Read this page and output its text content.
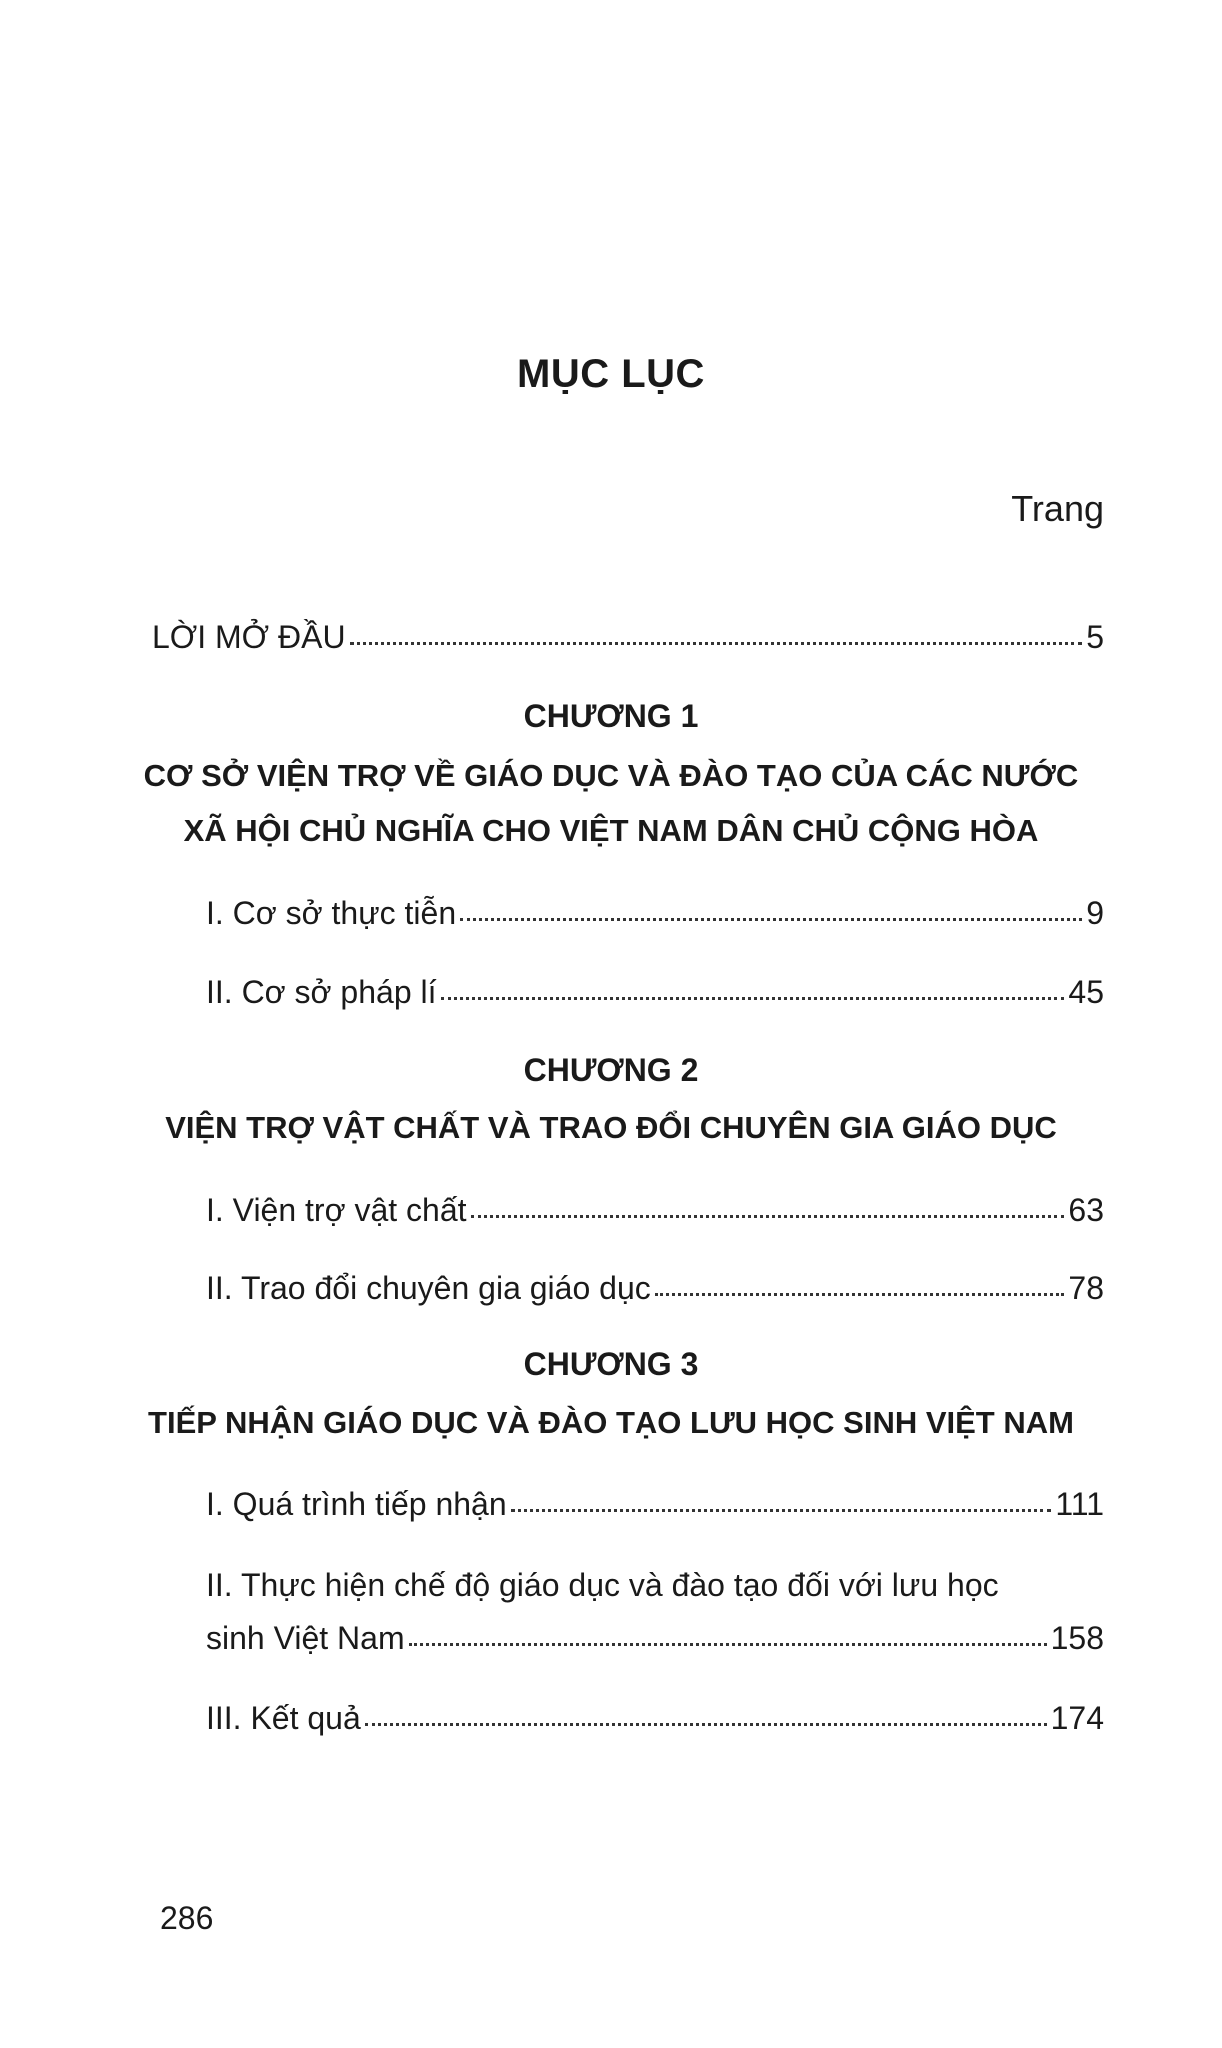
MỤC LỤC
Trang
LỜI MỞ ĐẦU	5
CHƯƠNG 1
CƠ SỞ VIỆN TRỢ VỀ GIÁO DỤC VÀ ĐÀO TẠO CỦA CÁC NƯỚC
XÃ HỘI CHỦ NGHĨA CHO VIỆT NAM DÂN CHỦ CỘNG HÒA
I. Cơ sở thực tiễn	9
II. Cơ sở pháp lí	45
CHƯƠNG 2
VIỆN TRỢ VẬT CHẤT VÀ TRAO ĐỔI CHUYÊN GIA GIÁO DỤC
I. Viện trợ vật chất	63
II. Trao đổi chuyên gia giáo dục	78
CHƯƠNG 3
TIẾP NHẬN GIÁO DỤC VÀ ĐÀO TẠO LƯU HỌC SINH VIỆT NAM
I. Quá trình tiếp nhận	111
II. Thực hiện chế độ giáo dục và đào tạo đối với lưu học
sinh Việt Nam	158
III. Kết quả	174
286
